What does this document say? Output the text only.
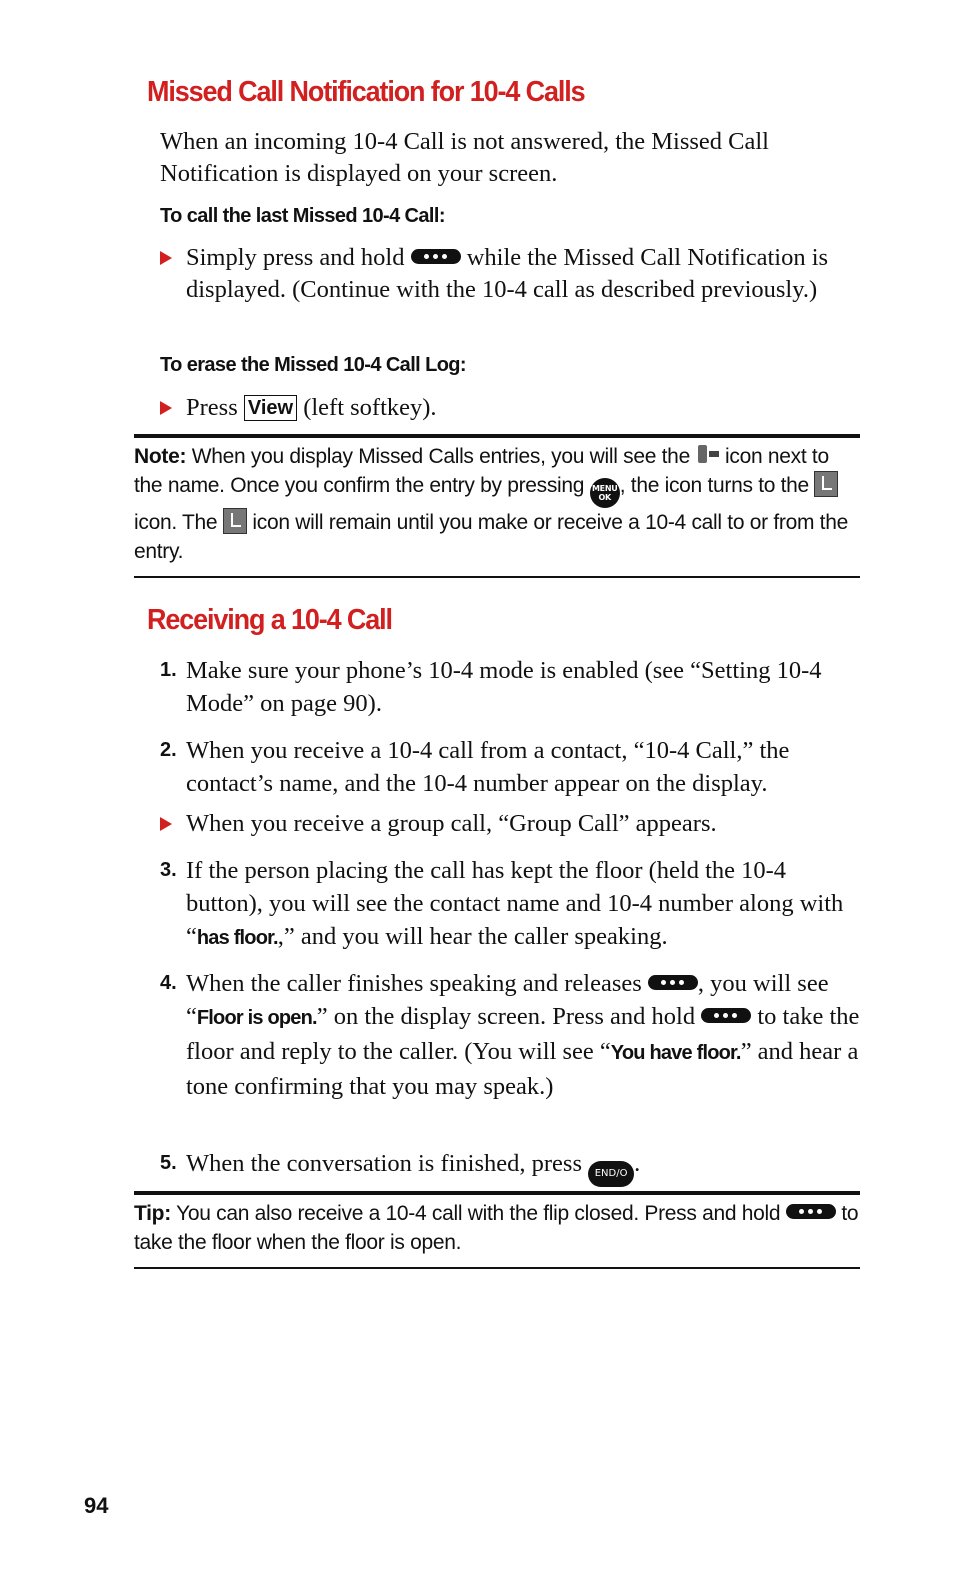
Missed Call Notification for 10-4 Calls

When an incoming 10-4 Call is not answered, the Missed Call Notification is displayed on your screen.

To call the last Missed 10-4 Call:

Simply press and hold	while the Missed Call Notification is displayed. (Continue with the 10-4 call as described previously.)

To erase the Missed 10-4 Call Log:

Press View (left softkey).
Note: When you display Missed Calls entries, you will see the icon next to the name. Once you confirm the entry by pressing MENU OK, the icon turns to the  icon. The icon will remain until you make or receive a 10-4 call to or from the entry.
Receiving a 10-4 Call
1. Make sure your phone’s 10-4 mode is enabled (see “Setting 10-4 Mode” on page 90).
2. When you receive a 10-4 call from a contact, “10-4 Call,” the contact’s name, and the 10-4 number appear on the display.
When you receive a group call, “Group Call” appears.
3. If the person placing the call has kept the floor (held the 10-4 button), you will see the contact name and 10-4 number along with “has floor.,” and you will hear the caller speaking.
4. When the caller finishes speaking and releases , you will see “Floor is open.” on the display screen. Press and hold	to take the floor and reply to the caller. (You will see “You have floor.” and hear a tone confirming that you may speak.)
5. When the conversation is finished, press END/O .
Tip: You can also receive a 10-4 call with the flip closed. Press and hold	to take the floor when the floor is open.
94
